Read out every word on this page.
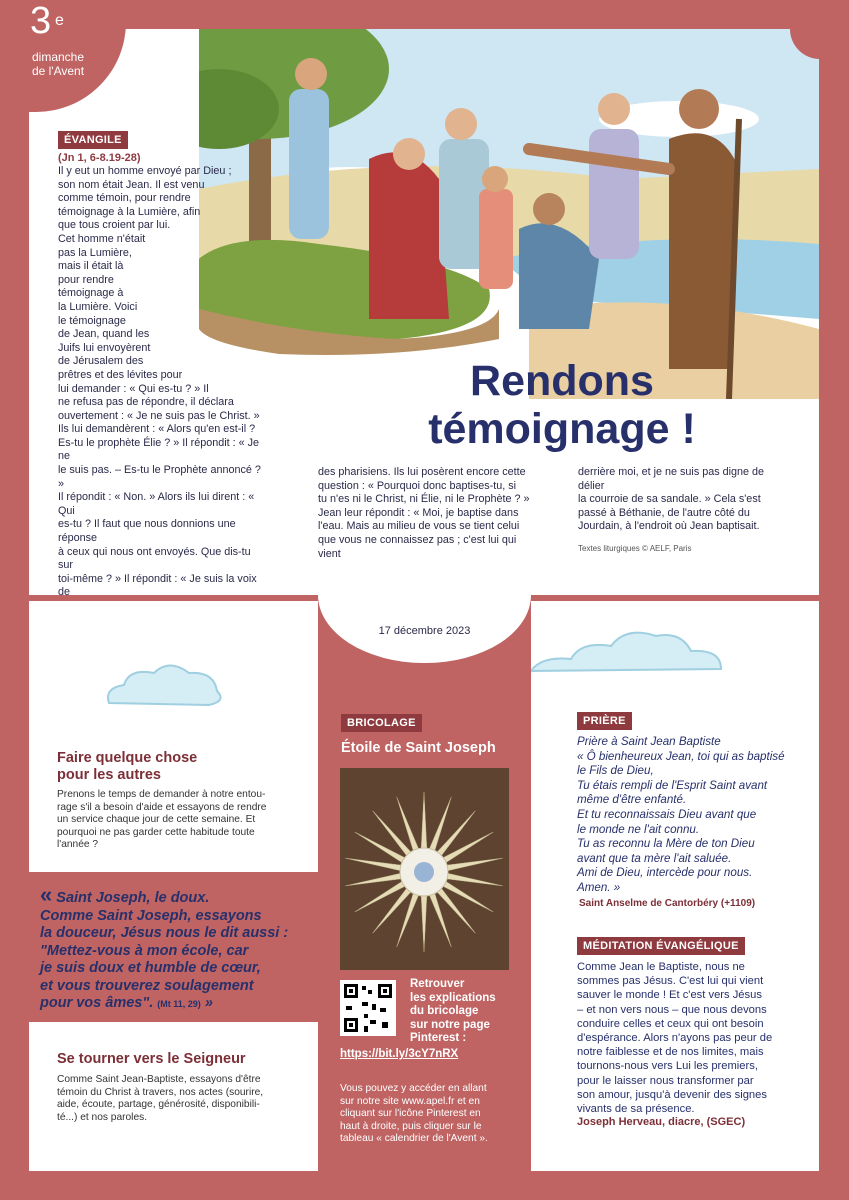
3 e
dimanche
de l'Avent
ÉVANGILE
(Jn 1, 6-8.19-28)
Il y eut un homme envoyé par Dieu ;
son nom était Jean. Il est venu
comme témoin, pour rendre
témoignage à la Lumière, afin
que tous croient par lui.
Cet homme n'était
pas la Lumière,
mais il était là
pour rendre
témoignage à
la Lumière. Voici
le témoignage
de Jean, quand les
Juifs lui envoyèrent
de Jérusalem des
prêtres et des lévites pour
lui demander : « Qui es-tu ? » Il
ne refusa pas de répondre, il déclara
ouvertement : « Je ne suis pas le Christ. »
Ils lui demandèrent : « Alors qu'en est-il ?
Es-tu le prophète Élie ? » Il répondit : « Je ne
le suis pas. – Es-tu le Prophète annoncé ? »
Il répondit : « Non. » Alors ils lui dirent : « Qui
es-tu ? Il faut que nous donnions une réponse
à ceux qui nous ont envoyés. Que dis-tu sur
toi-même ? » Il répondit : « Je suis la voix de
des pharisiens. Ils lui posèrent encore cette
question : « Pourquoi donc baptises-tu, si
tu n'es ni le Christ, ni Élie, ni le Prophète ? »
Jean leur répondit : « Moi, je baptise dans
l'eau. Mais au milieu de vous se tient celui
que vous ne connaissez pas ; c'est lui qui vient
derrière moi, et je ne suis pas digne de délier
la courroie de sa sandale. » Cela s'est
passé à Béthanie, de l'autre côté du
Jourdain, à l'endroit où Jean baptisait.
Textes liturgiques © AELF, Paris
Rendons
témoignage !
Faire quelque chose
pour les autres
Prenons le temps de demander à notre entou-
rage s'il a besoin d'aide et essayons de rendre
un service chaque jour de cette semaine. Et
pourquoi ne pas garder cette habitude toute
l'année ?
« Saint Joseph, le doux.
Comme Saint Joseph, essayons
la douceur, Jésus nous le dit aussi :
"Mettez-vous à mon école, car
je suis doux et humble de cœur,
et vous trouverez soulagement
pour vos âmes". (Mt 11, 29) »
Se tourner vers le Seigneur
Comme Saint Jean-Baptiste, essayons d'être
témoin du Christ à travers, nos actes (sourire,
aide, écoute, partage, générosité, disponibili-
té...) et nos paroles.
17 décembre 2023
BRICOLAGE
Étoile de Saint Joseph
Retrouver
les explications
du bricolage
sur notre page
Pinterest :
https://bit.ly/3cY7nRX
Vous pouvez y accéder en allant
sur notre site www.apel.fr et en
cliquant sur l'icône Pinterest en
haut à droite, puis cliquer sur le
tableau « calendrier de l'Avent ».
PRIÈRE
Prière à Saint Jean Baptiste
« Ô bienheureux Jean, toi qui as baptisé
le Fils de Dieu,
Tu étais rempli de l'Esprit Saint avant
même d'être enfanté.
Et tu reconnaissais Dieu avant que
le monde ne l'ait connu.
Tu as reconnu la Mère de ton Dieu
avant que ta mère l'ait saluée.
Ami de Dieu, intercède pour nous.
Amen. »
Saint Anselme de Cantorbéry (+1109)
MÉDITATION ÉVANGÉLIQUE
Comme Jean le Baptiste, nous ne
sommes pas Jésus. C'est lui qui vient
sauver le monde ! Et c'est vers Jésus
– et non vers nous – que nous devons
conduire celles et ceux qui ont besoin
d'espérance. Alors n'ayons pas peur de
notre faiblesse et de nos limites, mais
tournons-nous vers Lui les premiers,
pour le laisser nous transformer par
son amour, jusqu'à devenir des signes
vivants de sa présence.
Joseph Herveau, diacre, (SGEC)
